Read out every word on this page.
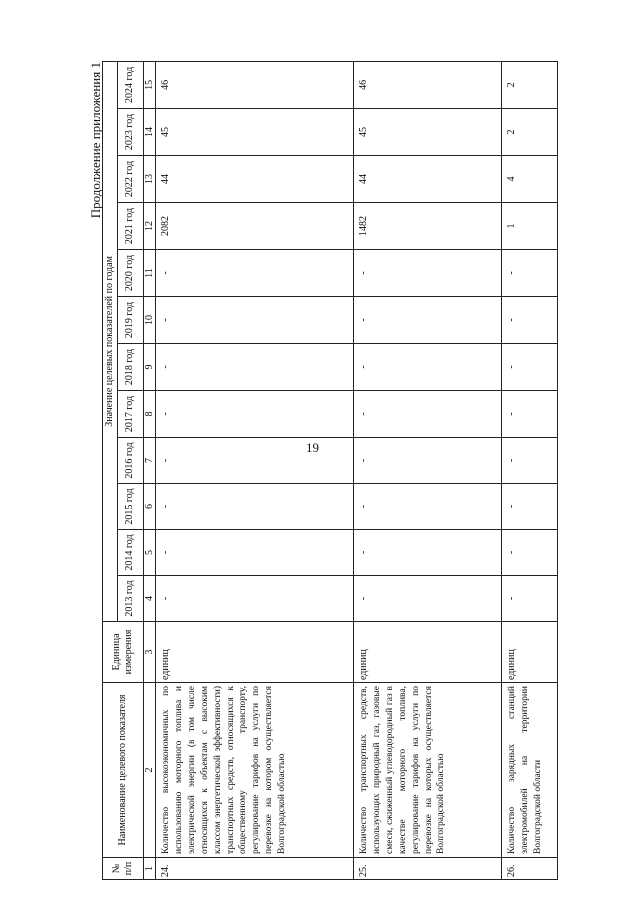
19
Продолжение приложения 1
№ п/п	Наименование целевого показателя	Единица измерения	Значение целевых показателей по годам											
			2013 год	2014 год	2015 год	2016 год	2017 год	2018 год	2019 год	2020 год	2021 год	2022 год	2023 год	2024 год
1	2	3	4	5	6	7	8	9	10	11	12	13	14	15
24.	Количество высокоэкономичных по использованию моторного топлива и электрической энергии (в том числе относящихся к объектам с высоким классом энергетической эффективности) транспортных средств, относящихся к общественному транспорту, регулирование тарифов на услуги по перевозке на котором осуществляется Волгоградской областью	единиц	-	-	-	-	-	-	-	-	2082	44	45	46
25.	Количество транспортных средств, использующих природный газ, газовые смеси, сжиженный углеводородный газ в качестве моторного топлива, регулирование тарифов на услуги по перевозке на которых осуществляется Волгоградской областью	единиц	-	-	-	-	-	-	-	-	1482	44	45	46
26.	Количество зарядных станций электромобилей на территории Волгоградской области	единиц	-	-	-	-	-	-	-	-	1	4	2	2
